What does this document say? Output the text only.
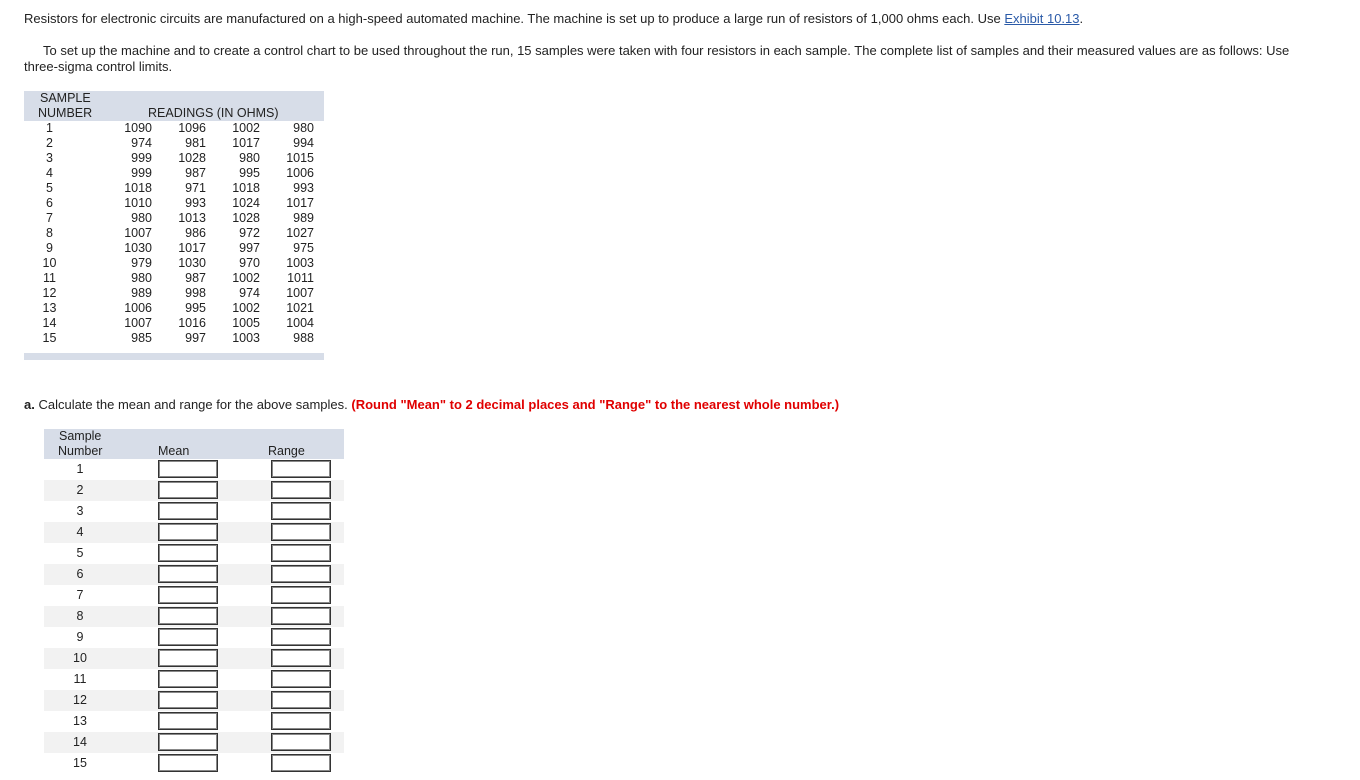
Resistors for electronic circuits are manufactured on a high-speed automated machine. The machine is set up to produce a large run of resistors of 1,000 ohms each. Use Exhibit 10.13.

To set up the machine and to create a control chart to be used throughout the run, 15 samples were taken with four resistors in each sample. The complete list of samples and their measured values are as follows: Use three-sigma control limits.

SAMPLE
NUMBER	READINGS (IN OHMS)
1	1090	1096	1002	980
2	974	981	1017	994
3	999	1028	980	1015
4	999	987	995	1006
5	1018	971	1018	993
6	1010	993	1024	1017
7	980	1013	1028	989
8	1007	986	972	1027
9	1030	1017	997	975
10	979	1030	970	1003
11	980	987	1002	1011
12	989	998	974	1007
13	1006	995	1002	1021
14	1007	1016	1005	1004
15	985	997	1003	988

a. Calculate the mean and range for the above samples. (Round "Mean" to 2 decimal places and "Range" to the nearest whole number.)

Sample
Number	Mean	Range
1
2
3
4
5
6
7
8
9
10
11
12
13
14
15
